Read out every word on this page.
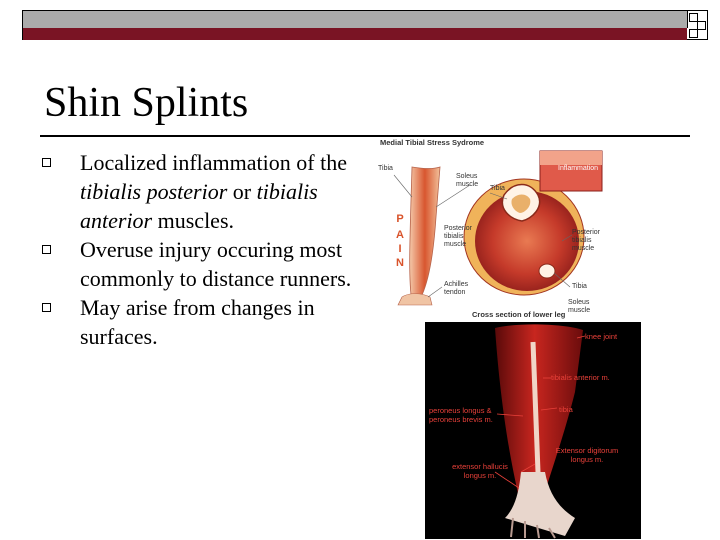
Shin Splints
Localized inflammation of the tibialis posterior or tibialis anterior muscles.
Overuse injury occuring most commonly to distance runners.
May arise from changes in surfaces.
Medial Tibial Stress Sydrome
Tibia
Soleus muscle
Tibia
Inflammation
Posterior tibialis muscle
Posterior tibialis muscle
Achilles tendon
Tibia
Soleus muscle
P
A
I
N
Cross section of lower leg
knee joint
tibialis anterior m.
tibia
peroneus longus & peroneus brevis m.
Extensor digitorum longus m.
extensor hallucis longus m.
